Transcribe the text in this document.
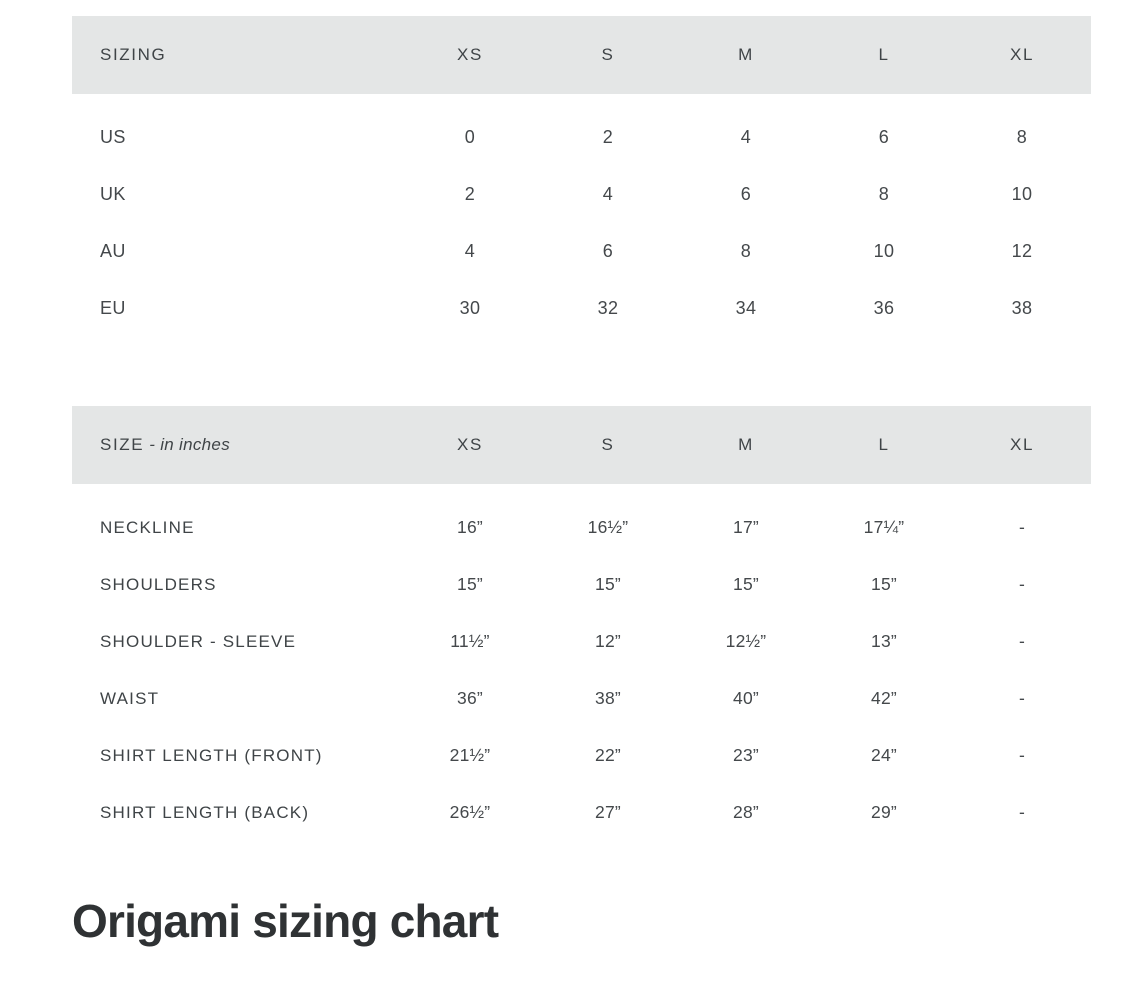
SIZING	XS	S	M	L	XL
US	0	2	4	6	8
UK	2	4	6	8	10
AU	4	6	8	10	12
EU	30	32	34	36	38
SIZE - in inches	XS	S	M	L	XL
NECKLINE	16”	16½”	17”	17¼”	-
SHOULDERS	15”	15”	15”	15”	-
SHOULDER - SLEEVE	11½”	12”	12½”	13”	-
WAIST	36”	38”	40”	42”	-
SHIRT LENGTH (FRONT)	21½”	22”	23”	24”	-
SHIRT LENGTH (BACK)	26½”	27”	28”	29”	-
Origami sizing chart
